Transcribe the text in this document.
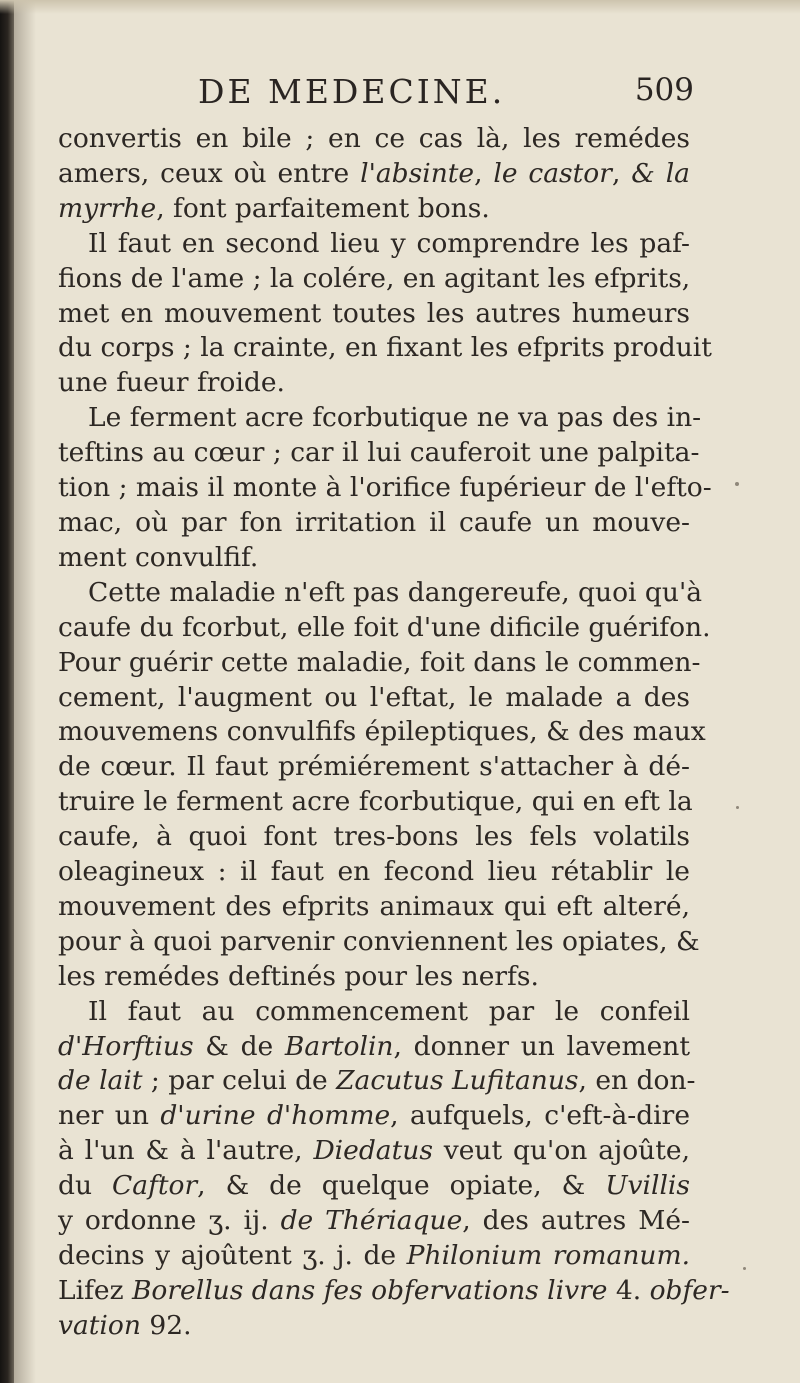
DE MEDECINE.	509
convertis en bile ; en ce cas là, les remédes
amers, ceux où entre l'absinte, le castor, & la
myrrhe, font parfaitement bons.
Il faut en second lieu y comprendre les paf-
fions de l'ame ; la colére, en agitant les efprits,
met en mouvement toutes les autres humeurs
du corps ; la crainte, en fixant les efprits produit
une fueur froide.
Le ferment acre fcorbutique ne va pas des in-
teftins au cœur ; car il lui cauferoit une palpita-
tion ; mais il monte à l'orifice fupérieur de l'efto-
mac, où par fon irritation il caufe un mouve-
ment convulfif.
Cette maladie n'eft pas dangereufe, quoi qu'à
caufe du fcorbut, elle foit d'une dificile guérifon.
Pour guérir cette maladie, foit dans le commen-
cement, l'augment ou l'eftat, le malade a des
mouvemens convulfifs épileptiques, & des maux
de cœur. Il faut prémiérement s'attacher à dé-
truire le ferment acre fcorbutique, qui en eft la
caufe, à quoi font tres-bons les fels volatils
oleagineux : il faut en fecond lieu rétablir le
mouvement des efprits animaux qui eft alteré,
pour à quoi parvenir conviennent les opiates, &
les remédes deftinés pour les nerfs.
Il faut au commencement par le confeil
d'Horftius & de Bartolin, donner un lavement
de lait ; par celui de Zacutus Lufitanus, en don-
ner un d'urine d'homme, aufquels, c'eft-à-dire
à l'un & à l'autre, Diedatus veut qu'on ajoûte,
du Caftor, & de quelque opiate, & Uvillis
y ordonne ʒ. ij. de Thériaque, des autres Mé-
decins y ajoûtent ʒ. j. de Philonium romanum.
Lifez Borellus dans fes obfervations livre 4. obfer-
vation 92.
